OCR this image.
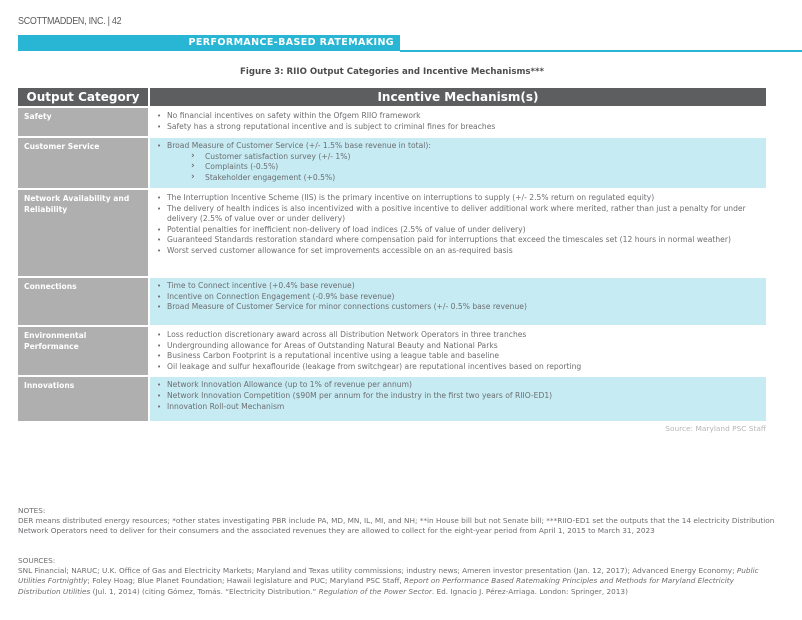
SCOTTMADDEN, INC. | 42
PERFORMANCE-BASED RATEMAKING
Figure 3: RIIO Output Categories and Incentive Mechanisms***
Output Category	Incentive Mechanism(s)
Safety	
•No financial incentives on safety within the Ofgem RIIO framework
• Safety has a strong reputational incentive and is subject to criminal fines for breaches

Customer Service	
•Broad Measure of Customer Service (+/- 1.5% base revenue in total):
› Customer satisfaction survey (+/- 1%)
› Complaints (-0.5%)
› Stakeholder engagement (+0.5%)

Network Availability and Reliability	
• The Interruption Incentive Scheme (IIS) is the primary incentive on interruptions to supply (+/- 2.5% return on regulated equity)
• The delivery of health indices is also incentivized with a positive incentive to deliver additional work where merited, rather than just a penalty for under delivery (2.5% of value over or under delivery)
• Potential penalties for inefficient non-delivery of load indices (2.5% of value of under delivery)
• Guaranteed Standards restoration standard where compensation paid for interruptions that exceed the timescales set (12 hours in normal weather)
• Worst served customer allowance for set improvements accessible on an as-required basis

Connections	
•Time to Connect incentive (+0.4% base revenue)
• Incentive on Connection Engagement (-0.9% base revenue)
• Broad Measure of Customer Service for minor connections customers (+/- 0.5% base revenue)

Environmental Performance	
• Loss reduction discretionary award across all Distribution Network Operators in three tranches
• Undergrounding allowance for Areas of Outstanding Natural Beauty and National Parks
• Business Carbon Footprint is a reputational incentive using a league table and baseline
• Oil leakage and sulfur hexaflouride (leakage from switchgear) are reputational incentives based on reporting

Innovations	
•Network Innovation Allowance (up to 1% of revenue per annum)
• Network Innovation Competition ($90M per annum for the industry in the first two years of RIIO-ED1)
• Innovation Roll-out Mechanism
Source: Maryland PSC Staff
NOTES:
DER means distributed energy resources; *other states investigating PBR include PA, MD, MN, IL, MI, and NH; **in House bill but not Senate bill; ***RIIO-ED1 set the outputs that the 14 electricity Distribution Network Operators need to deliver for their consumers and the associated revenues they are allowed to collect for the eight-year period from April 1, 2015 to March 31, 2023
SOURCES:
SNL Financial; NARUC; U.K. Office of Gas and Electricity Markets; Maryland and Texas utility commissions; industry news; Ameren investor presentation (Jan. 12, 2017); Advanced Energy Economy; Public Utilities Fortnightly; Foley Hoag; Blue Planet Foundation; Hawaii legislature and PUC; Maryland PSC Staff, Report on Performance Based Ratemaking Principles and Methods for Maryland Electricity Distribution Utilities (Jul. 1, 2014) (citing Gómez, Tomás. “Electricity Distribution.” Regulation of the Power Sector. Ed. Ignacio J. Pérez-Arriaga. London: Springer, 2013)
